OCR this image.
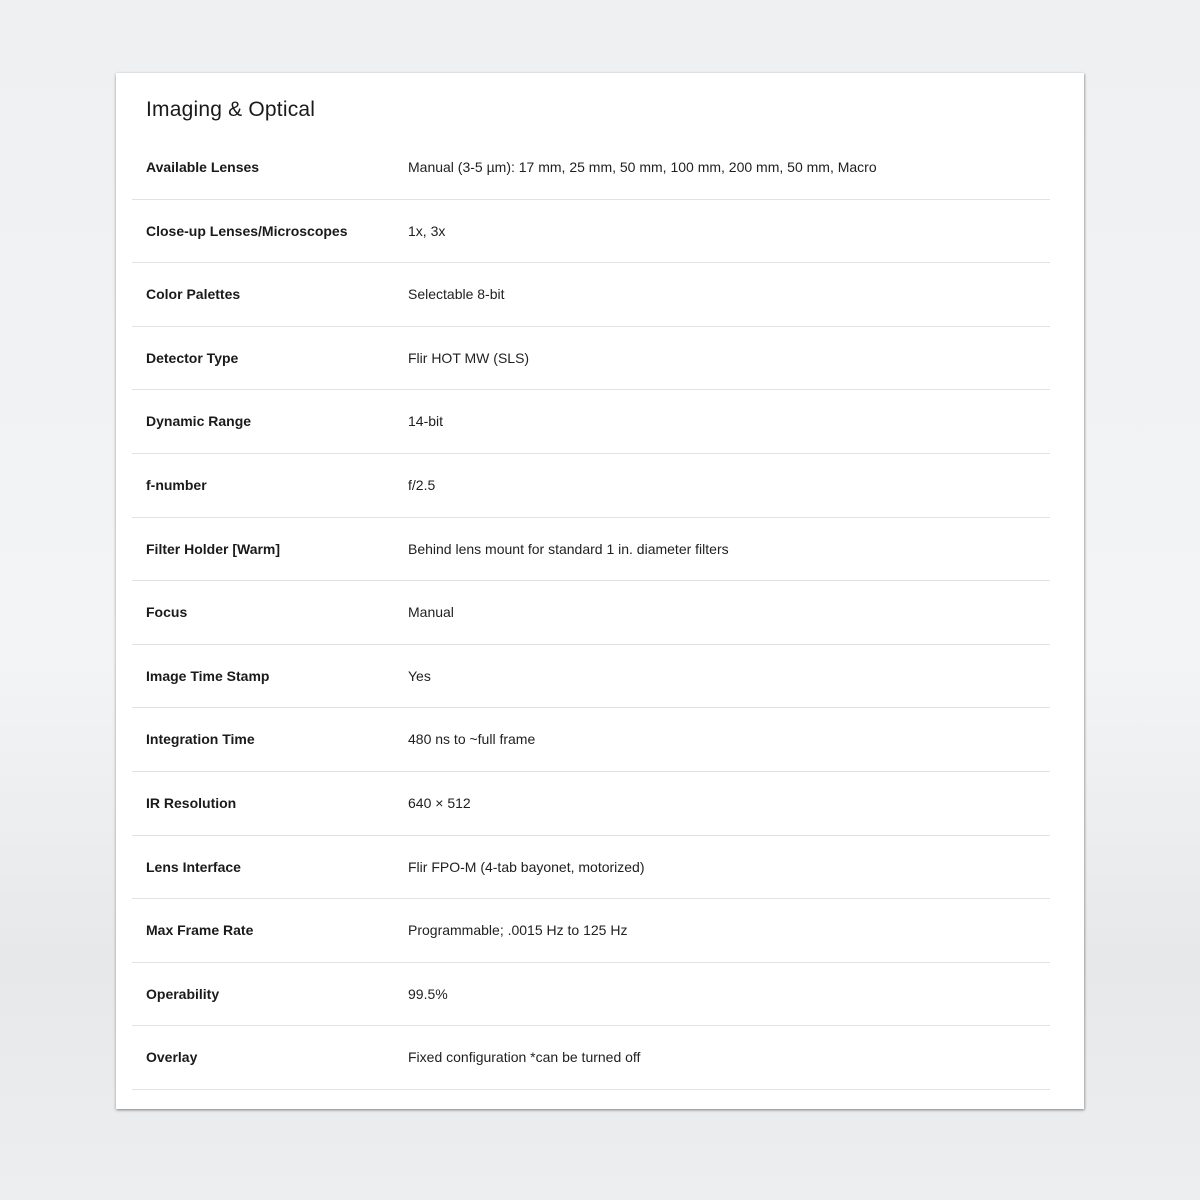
Imaging & Optical
Available Lenses	Manual (3-5 µm): 17 mm, 25 mm, 50 mm, 100 mm, 200 mm, 50 mm, Macro
Close-up Lenses/Microscopes	1x, 3x
Color Palettes	Selectable 8-bit
Detector Type	Flir HOT MW (SLS)
Dynamic Range	14-bit
f-number	f/2.5
Filter Holder [Warm]	Behind lens mount for standard 1 in. diameter filters
Focus	Manual
Image Time Stamp	Yes
Integration Time	480 ns to ~full frame
IR Resolution	640 × 512
Lens Interface	Flir FPO-M (4-tab bayonet, motorized)
Max Frame Rate	Programmable; .0015 Hz to 125 Hz
Operability	99.5%
Overlay	Fixed configuration *can be turned off
